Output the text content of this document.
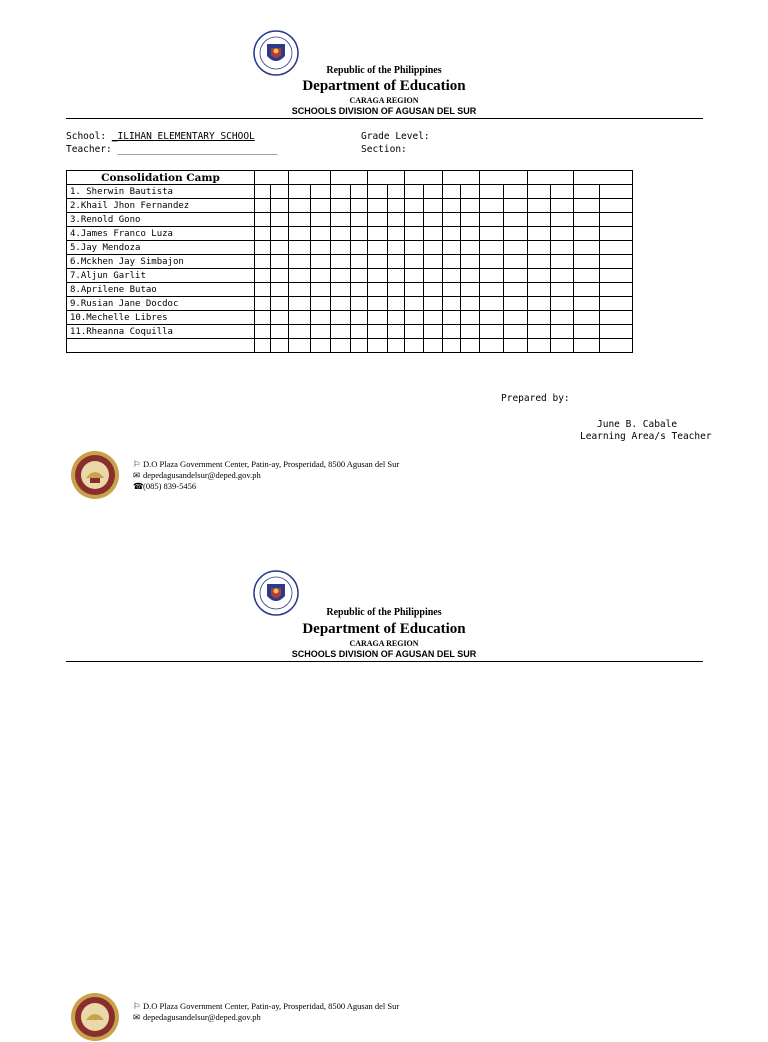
Republic of the Philippines
Department of Education
CARAGA REGION
SCHOOLS DIVISION OF AGUSAN DEL SUR
School: _ILIHAN ELEMENTARY SCHOOL
Teacher: ____________________________
Grade Level:
Section:
Consolidation Camp																		
1. Sherwin Bautista																		
2.Khail Jhon Fernandez																		
3.Renold Gono																		
4.James Franco Luza																		
5.Jay Mendoza																		
6.Mckhen Jay Simbajon																		
7.Aljun Garlit																		
8.Aprilene Butao																		
9.Rusian Jane Docdoc																		
10.Mechelle Libres																		
11.Rheanna Coquilla																		

Prepared by:
June B. Cabale
Learning Area/s Teacher
⚐ D.O Plaza Government Center, Patin-ay, Prosperidad, 8500 Agusan del Sur
✉ depedagusandelsur@deped.gov.ph
☎(085) 839-5456
Republic of the Philippines
Department of Education
CARAGA REGION
SCHOOLS DIVISION OF AGUSAN DEL SUR
⚐ D.O Plaza Government Center, Patin-ay, Prosperidad, 8500 Agusan del Sur
✉ depedagusandelsur@deped.gov.ph
